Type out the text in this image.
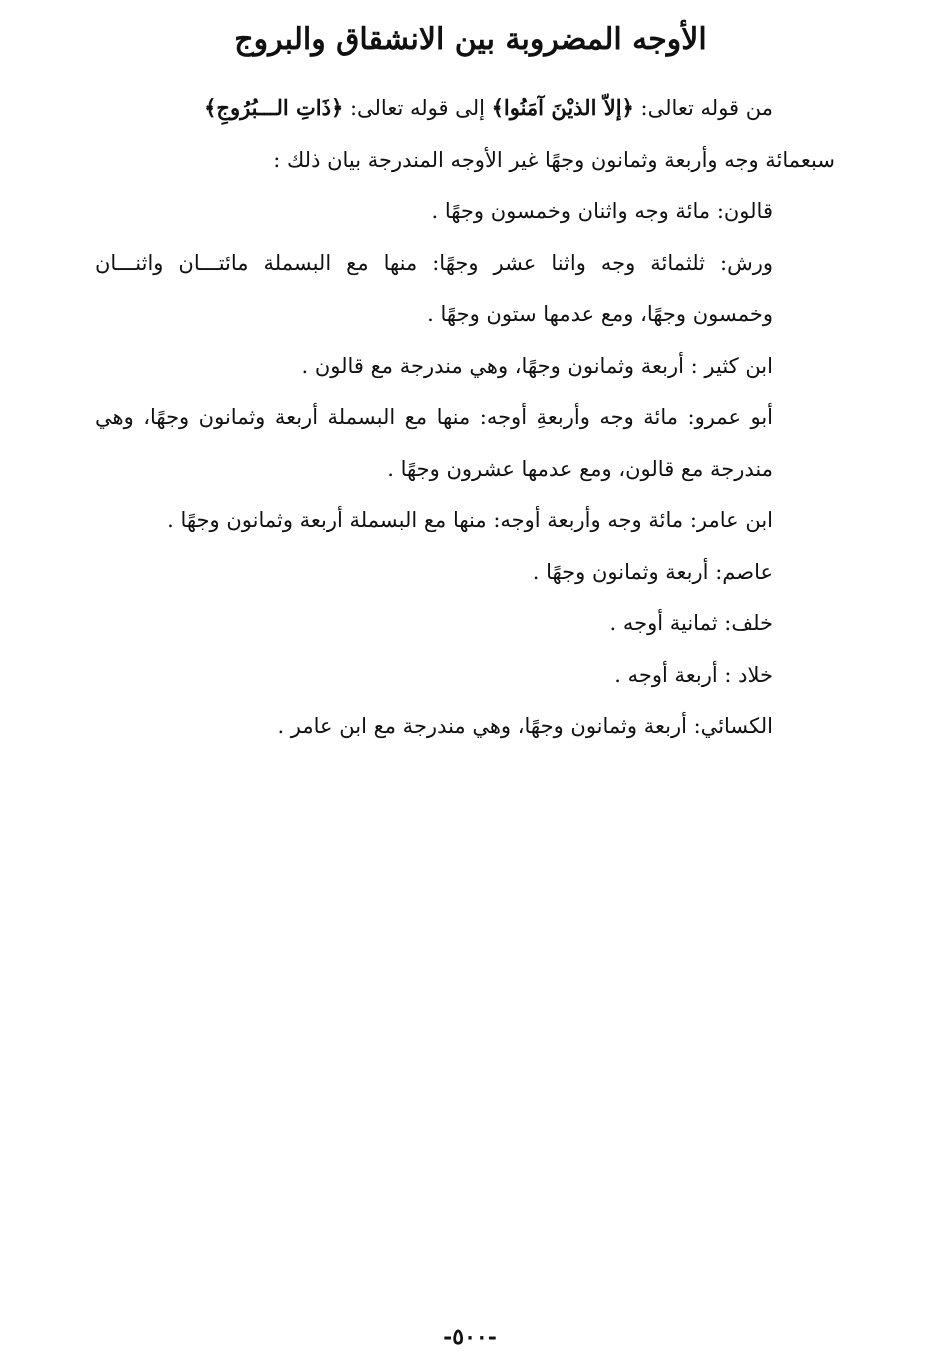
الأوجه المضروبة بين الانشقاق والبروج

من قوله تعالى: ﴿إلاّ الذيْنَ آمَنُوا﴾ إلى قوله تعالى: ﴿ذَاتِ الـــبُرُوجِ﴾

سبعمائة وجه وأربعة وثمانون وجهًا غير الأوجه المندرجة بيان ذلك :

قالون: مائة وجه واثنان وخمسون وجهًا .

ورش: ثلثمائة وجه واثنا عشر وجهًا: منها مع البسملة مائتـــان واثنـــان وخمسون وجهًا، ومع عدمها ستون وجهًا .

ابن كثير : أربعة وثمانون وجهًا، وهي مندرجة مع قالون .

أبو عمرو: مائة وجه وأربعةِ أوجه: منها مع البسملة أربعة وثمانون وجهًا، وهي مندرجة مع قالون، ومع عدمها عشرون وجهًا .

ابن عامر: مائة وجه وأربعة أوجه: منها مع البسملة أربعة وثمانون وجهًا .

عاصم: أربعة وثمانون وجهًا .

خلف: ثمانية أوجه .

خلاد : أربعة أوجه .

الكسائي: أربعة وثمانون وجهًا، وهي مندرجة مع ابن عامر .

-٥٠٠-
